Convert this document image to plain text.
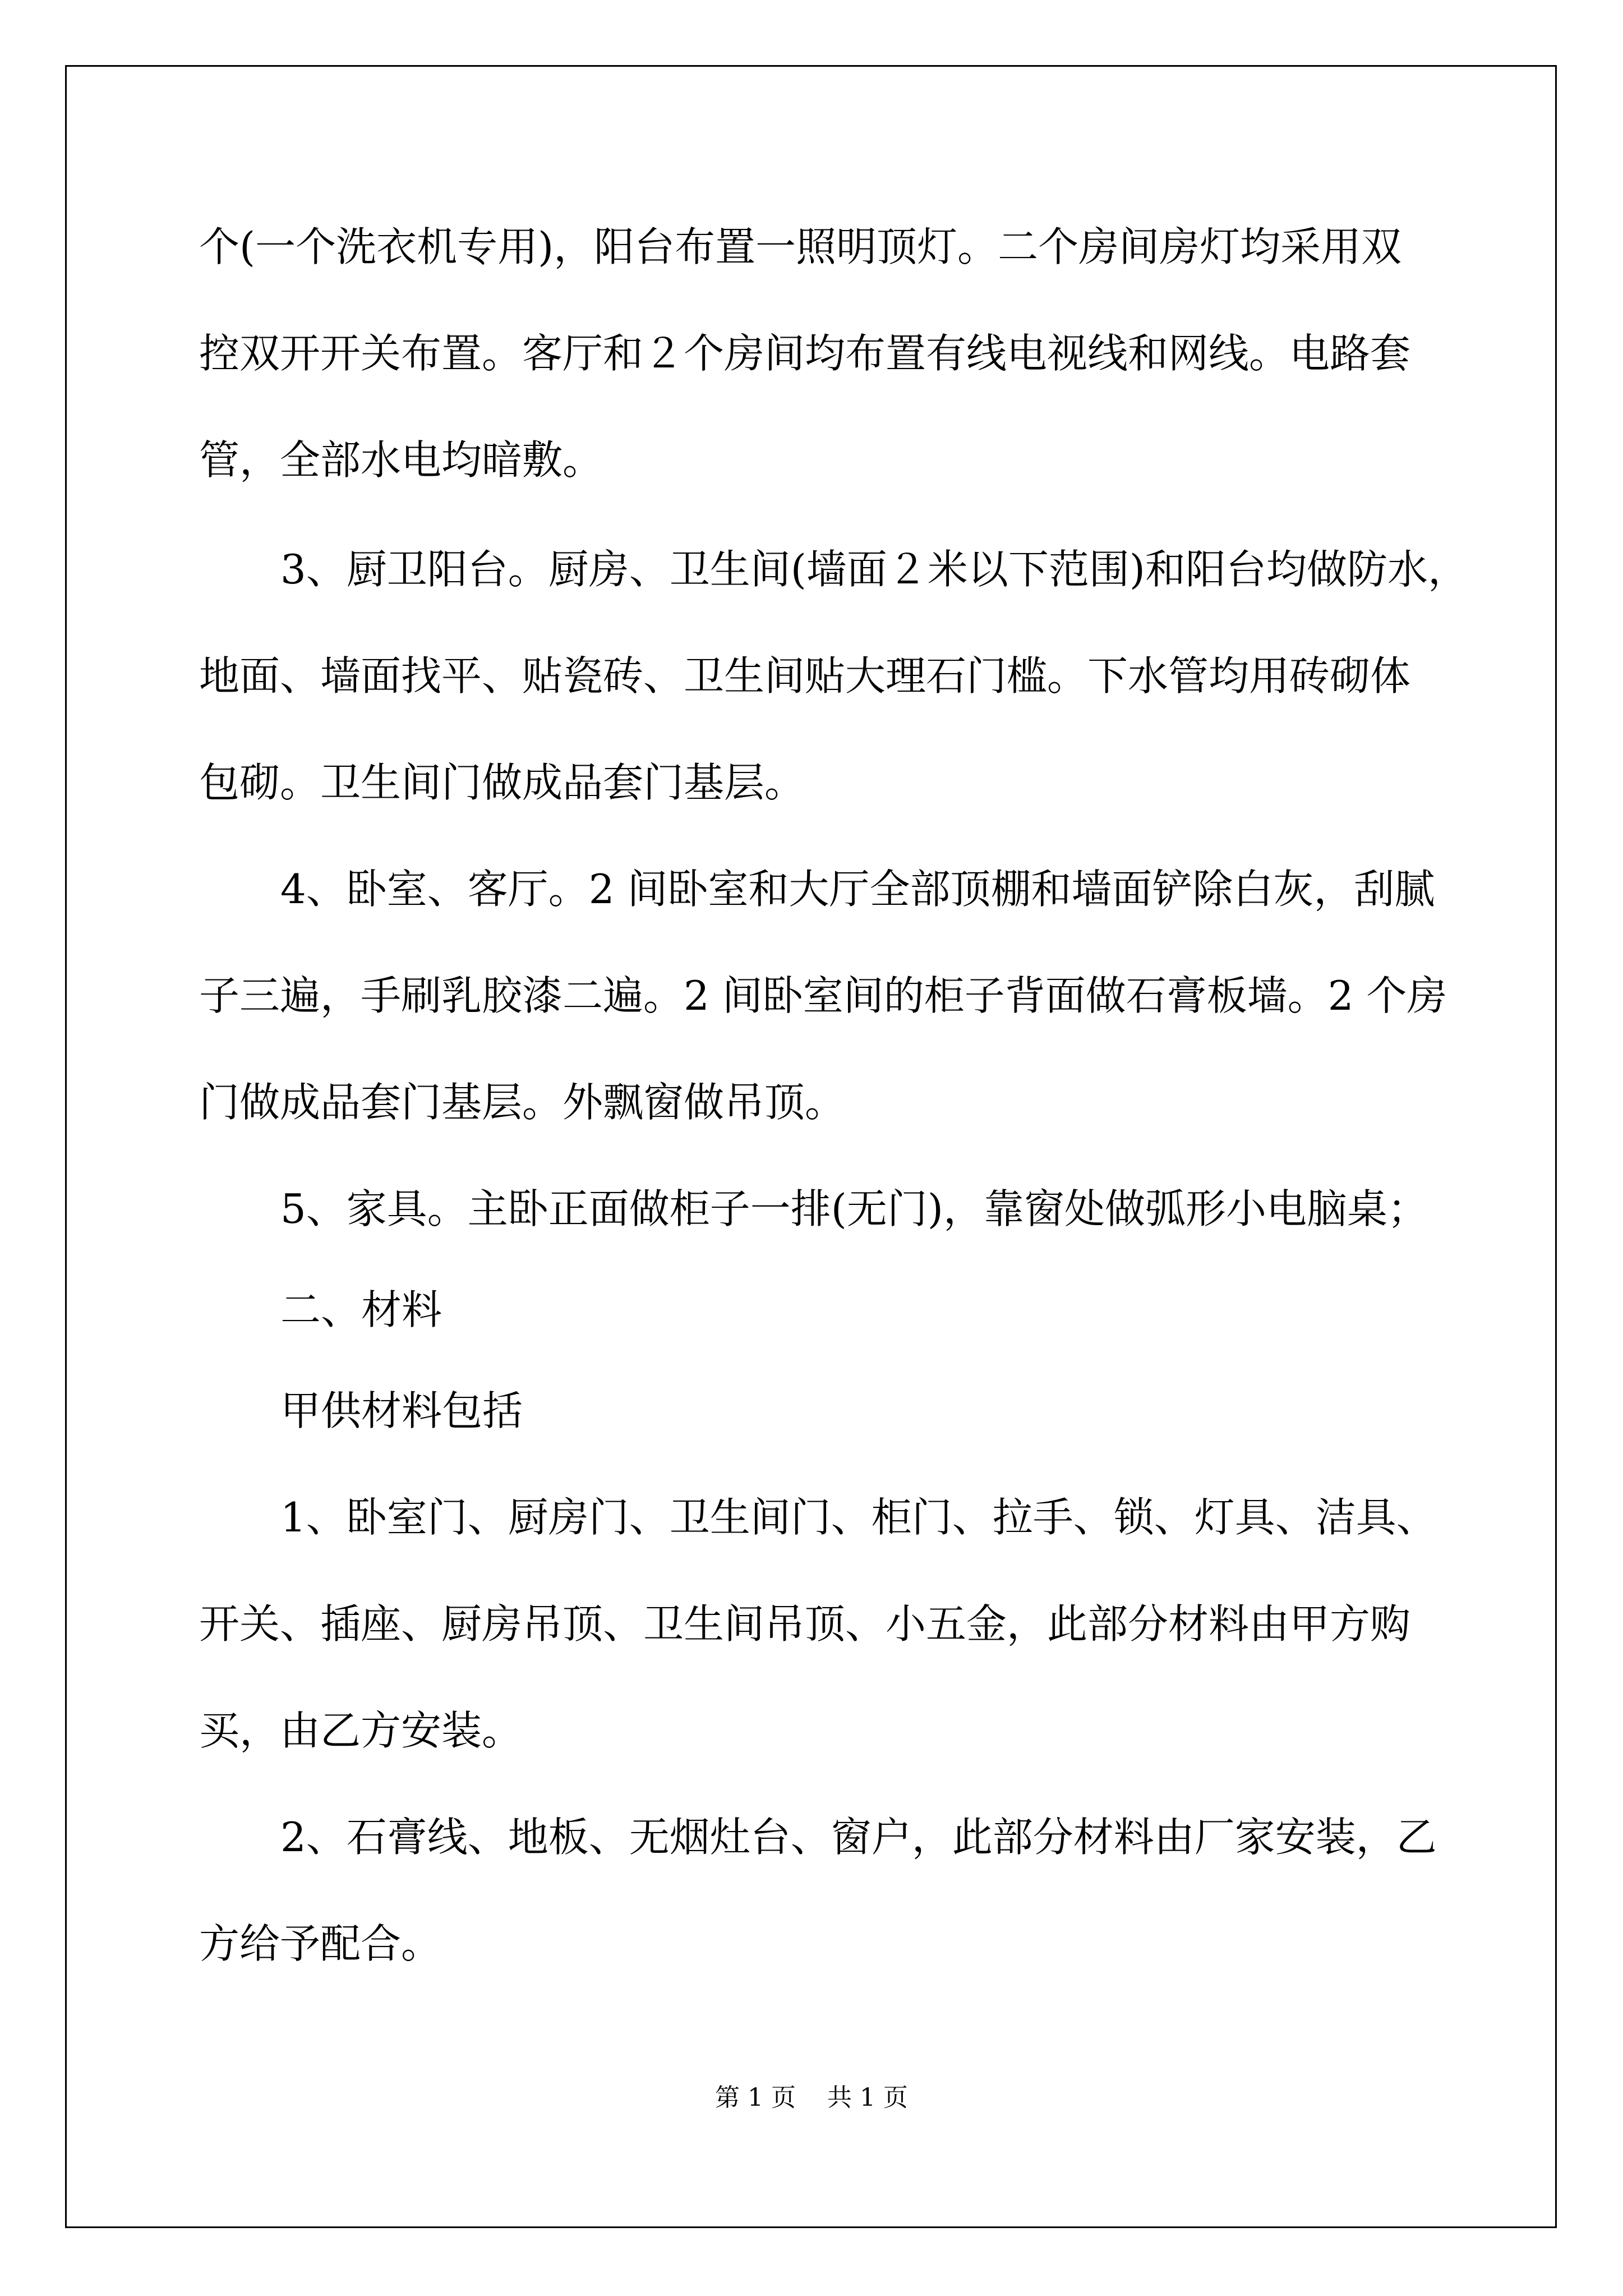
个(一个洗衣机专用)，阳台布置一照明顶灯。二个房间房灯均采用双
控双开开关布置。客厅和２个房间均布置有线电视线和网线。电路套
管，全部水电均暗敷。
3、厨卫阳台。厨房、卫生间(墙面２米以下范围)和阳台均做防水，
地面、墙面找平、贴瓷砖、卫生间贴大理石门槛。下水管均用砖砌体
包砌。卫生间门做成品套门基层。
4、卧室、客厅。2 间卧室和大厅全部顶棚和墙面铲除白灰，刮腻
子三遍，手刷乳胶漆二遍。2 间卧室间的柜子背面做石膏板墙。2 个房
门做成品套门基层。外飘窗做吊顶。
5、家具。主卧正面做柜子一排(无门)，靠窗处做弧形小电脑桌；
二、材料
甲供材料包括
1、卧室门、厨房门、卫生间门、柜门、拉手、锁、灯具、洁具、
开关、插座、厨房吊顶、卫生间吊顶、小五金，此部分材料由甲方购
买，由乙方安装。
2、石膏线、地板、无烟灶台、窗户，此部分材料由厂家安装，乙
方给予配合。
第 1 页    共 1 页
